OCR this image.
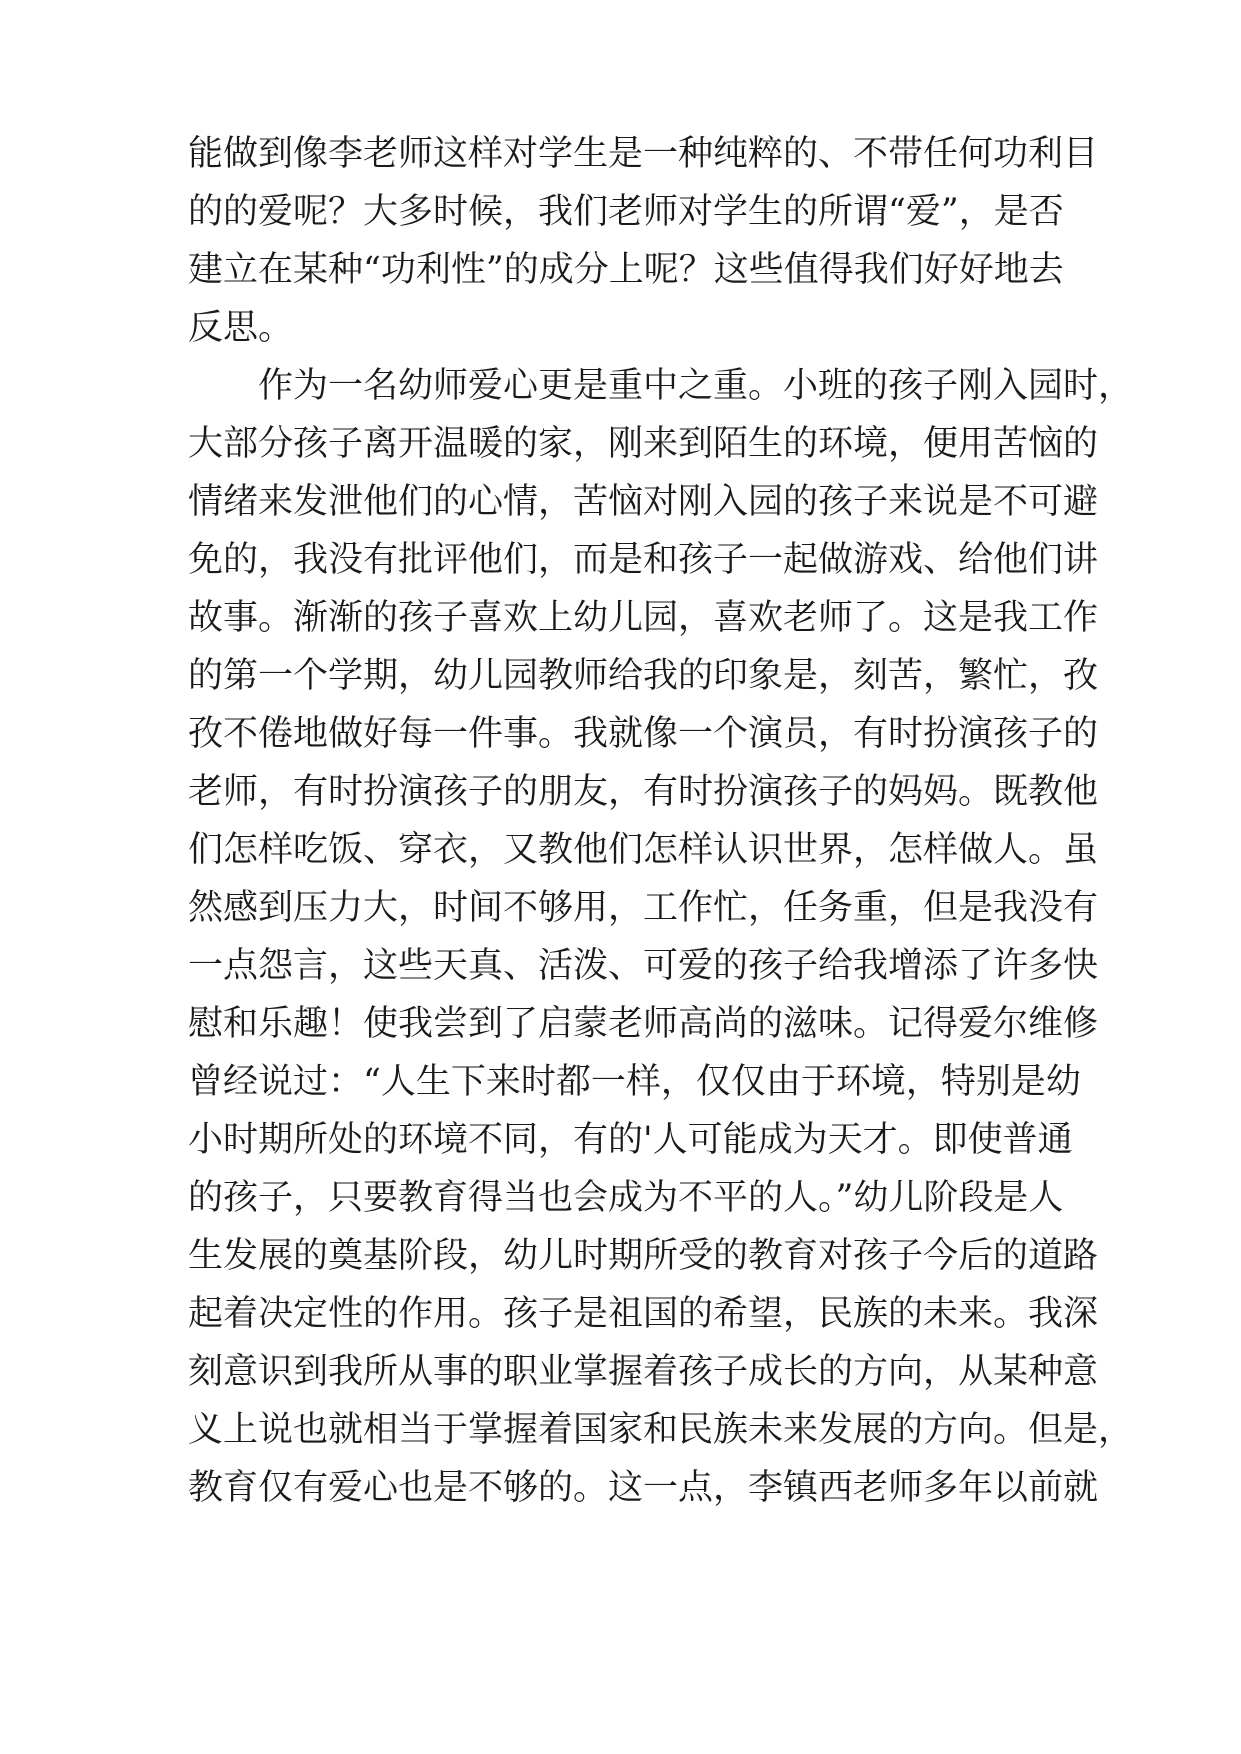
能做到像李老师这样对学生是一种纯粹的、不带任何功利目
的的爱呢？大多时候，我们老师对学生的所谓“爱”，是否
建立在某种“功利性”的成分上呢？这些值得我们好好地去
反思。
作为一名幼师爱心更是重中之重。小班的孩子刚入园时，
大部分孩子离开温暖的家，刚来到陌生的环境，便用苦恼的
情绪来发泄他们的心情，苦恼对刚入园的孩子来说是不可避
免的，我没有批评他们，而是和孩子一起做游戏、给他们讲
故事。渐渐的孩子喜欢上幼儿园，喜欢老师了。这是我工作
的第一个学期，幼儿园教师给我的印象是，刻苦，繁忙，孜
孜不倦地做好每一件事。我就像一个演员，有时扮演孩子的
老师，有时扮演孩子的朋友，有时扮演孩子的妈妈。既教他
们怎样吃饭、穿衣，又教他们怎样认识世界，怎样做人。虽
然感到压力大，时间不够用，工作忙，任务重，但是我没有
一点怨言，这些天真、活泼、可爱的孩子给我增添了许多快
慰和乐趣！使我尝到了启蒙老师高尚的滋味。记得爱尔维修
曾经说过：“人生下来时都一样，仅仅由于环境，特别是幼
小时期所处的环境不同，有的'人可能成为天才。即使普通
的孩子，只要教育得当也会成为不平的人。”幼儿阶段是人
生发展的奠基阶段，幼儿时期所受的教育对孩子今后的道路
起着决定性的作用。孩子是祖国的希望，民族的未来。我深
刻意识到我所从事的职业掌握着孩子成长的方向，从某种意
义上说也就相当于掌握着国家和民族未来发展的方向。但是，
教育仅有爱心也是不够的。这一点，李镇西老师多年以前就
